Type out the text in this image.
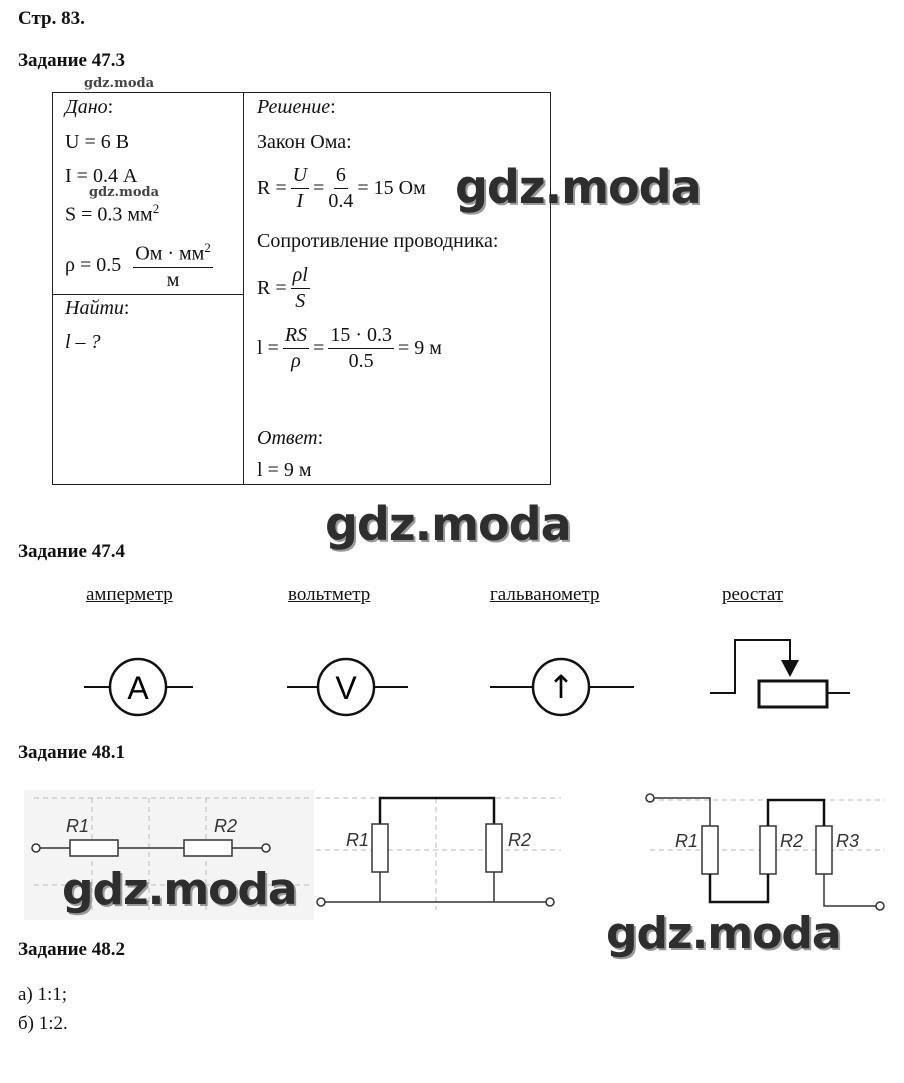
Стр. 83.
Задание 47.3
gdz.moda
Дано:
U = 6 В
I = 0.4 А
gdz.moda
S = 0.3 $мм^2$
$\rho = 0.5 \frac{Ом \cdot мм^2}{м}$
Найти:
l – ?
Решение:
Закон Ома:
$R = \frac{U}{I} = \frac{6}{0.4} = 15$ Ом
Сопротивление проводника:
$R = \frac{\rho l}{S}$
$l = \frac{RS}{\rho} = \frac{15 \cdot 0.3}{0.5} = 9$ м
Ответ:
l = 9 м
gdz.moda
gdz.moda
Задание 47.4
амперметр	вольтметр	гальванометр	реостат
A	V	↑
Задание 48.1
R1	R2
R1	R2	R1	R2 R3
gdz.moda
gdz.moda
Задание 48.2
а) 1:1;
б) 1:2.
